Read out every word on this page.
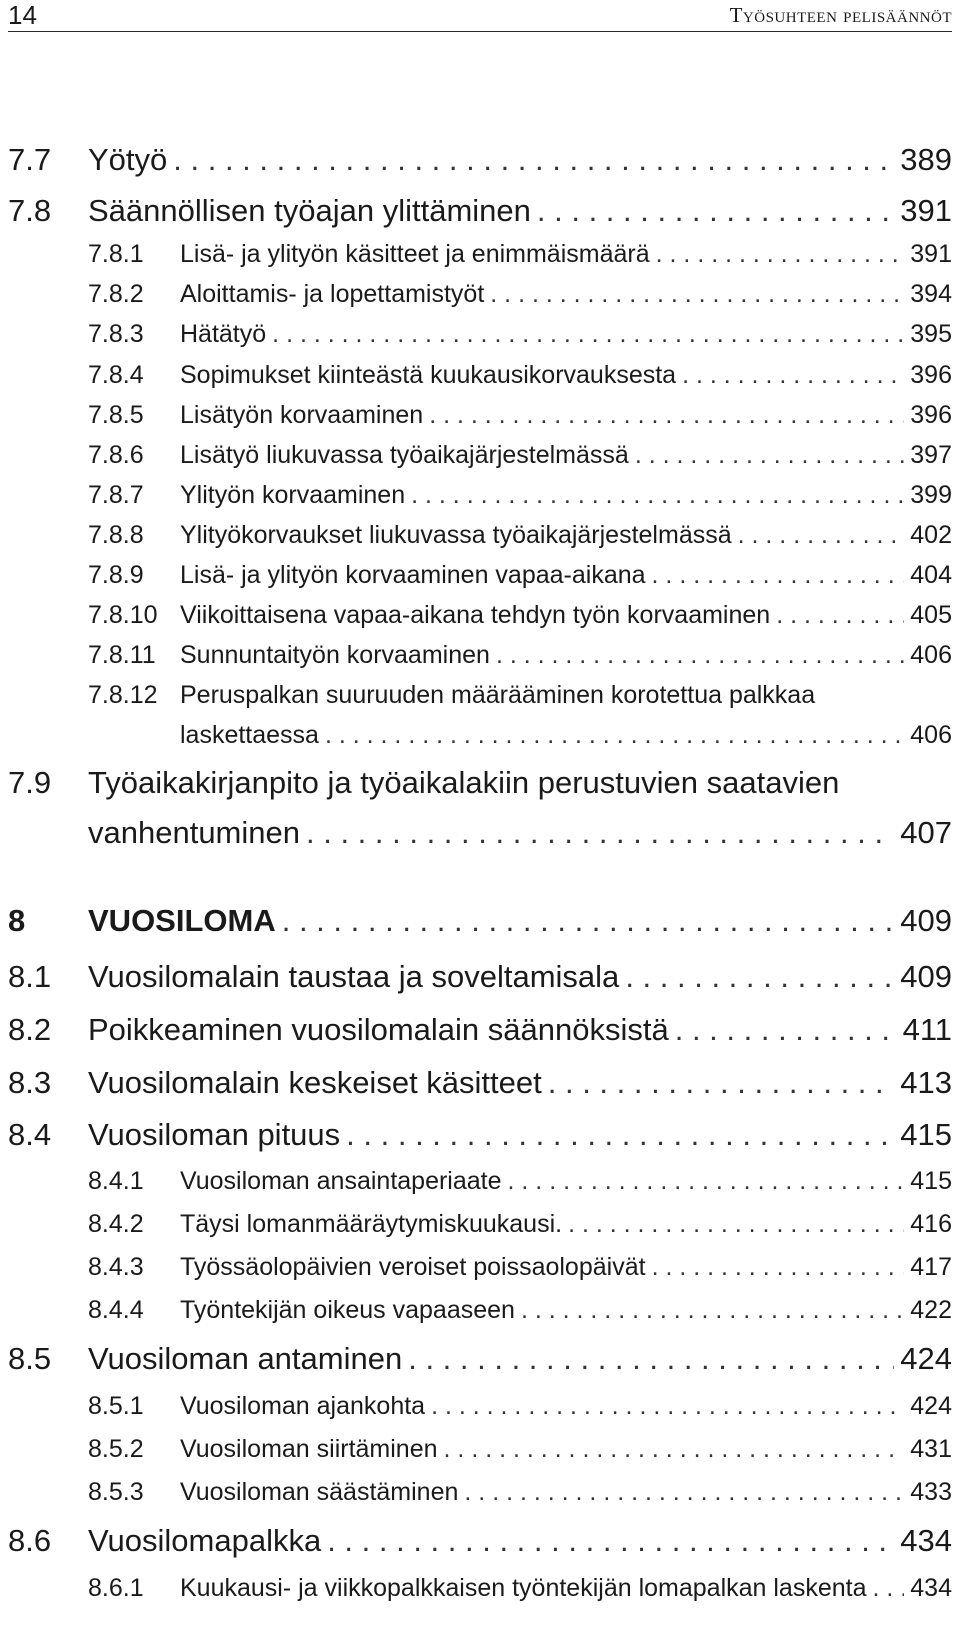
14	Työsuhteen pelisäännöt
7.7	Yötyö . . .	389
7.8	Säännöllisen työajan ylittäminen . . .	391
7.8.1	Lisä- ja ylityön käsitteet ja enimmäismäärä . . .	391
7.8.2	Aloittamis- ja lopettamistyöt . . .	394
7.8.3	Hätätyö . . .	395
7.8.4	Sopimukset kiinteästä kuukausikorvauksesta . . .	396
7.8.5	Lisätyön korvaaminen . . .	396
7.8.6	Lisätyö liukuvassa työaikajärjestelmässä . . .	397
7.8.7	Ylityön korvaaminen . . .	399
7.8.8	Ylityökorvaukset liukuvassa työaikajärjestelmässä . . .	402
7.8.9	Lisä- ja ylityön korvaaminen vapaa-aikana . . .	404
7.8.10 Viikoittaisena vapaa-aikana tehdyn työn korvaaminen . . .	405
7.8.11 Sunnuntaityön korvaaminen . . .	406
7.8.12 Peruspalkan suuruuden määrääminen korotettua palkkaa
laskettaessa . . .	406
7.9	Työaikakirjanpito ja työaikalakiin perustuvien saatavien
vanhentuminen . . .	407
8	VUOSILOMA . . .	409
8.1	Vuosilomalain taustaa ja soveltamisala . . .	409
8.2	Poikkeaminen vuosilomalain säännöksistä . . .	411
8.3	Vuosilomalain keskeiset käsitteet . . .	413
8.4	Vuosiloman pituus . . .	415
8.4.1	Vuosiloman ansaintaperiaate . . .	415
8.4.2	Täysi lomanmääräytymiskuukausi. . . .	416
8.4.3	Työssäolopäivien veroiset poissaolopäivät . . .	417
8.4.4	Työntekijän oikeus vapaaseen . . .	422
8.5	Vuosiloman antaminen . . .	424
8.5.1	Vuosiloman ajankohta . . .	424
8.5.2	Vuosiloman siirtäminen . . .	431
8.5.3	Vuosiloman säästäminen . . .	433
8.6	Vuosilomapalkka . . .	434
8.6.1	Kuukausi- ja viikkopalkkaisen työntekijän lomapalkan laskenta . . . 434
